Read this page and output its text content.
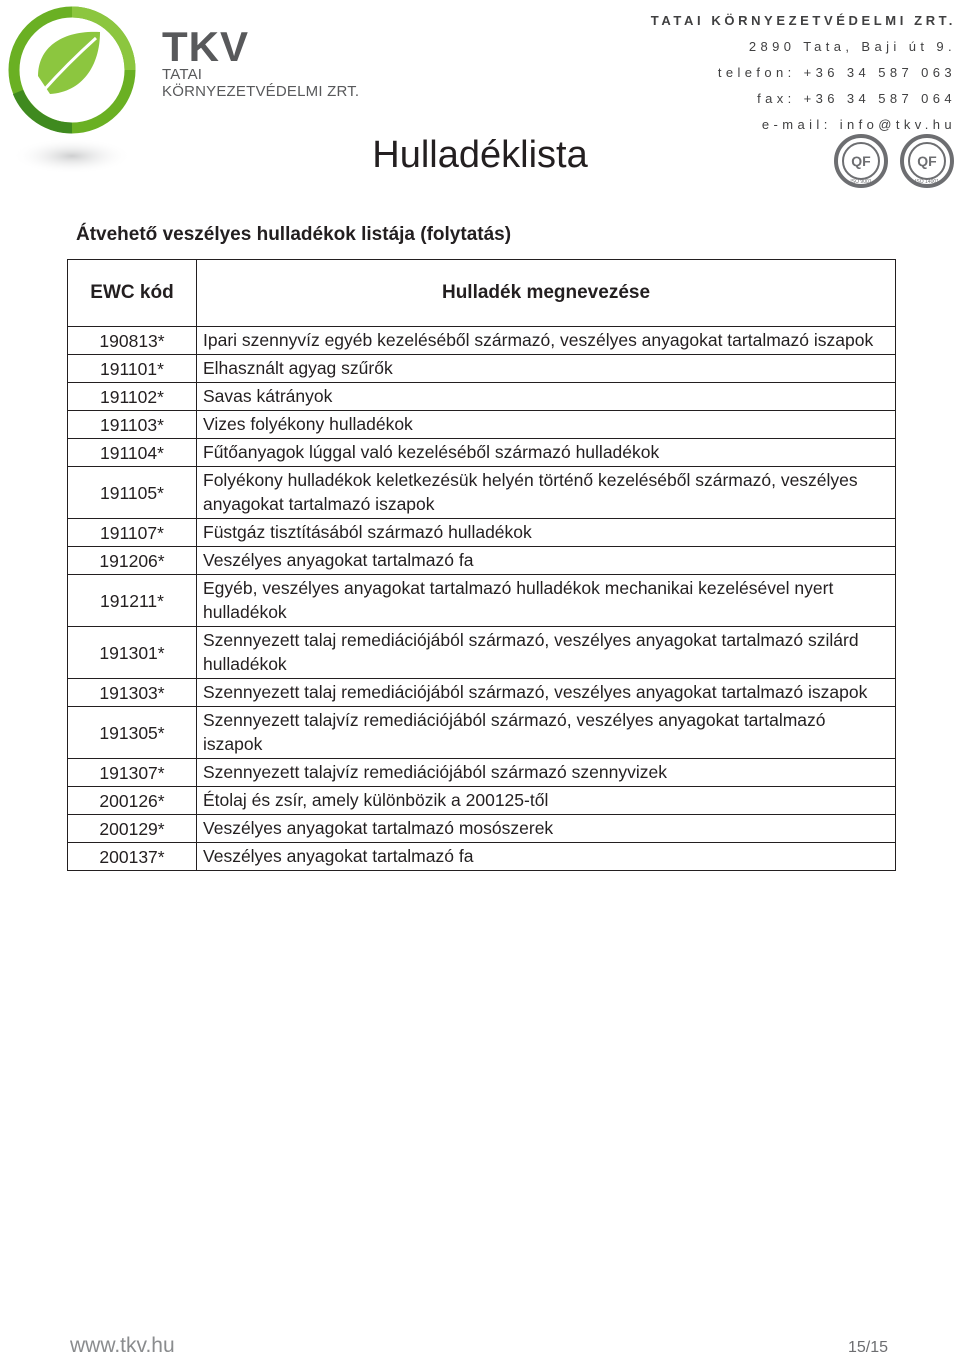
TKV
TATAI
KÖRNYEZETVÉDELMI ZRT.
TATAI KÖRNYEZETVÉDELMI ZRT.
2890 Tata, Baji út 9.
telefon: +36 34 587 063
fax: +36 34 587 064
e-mail: info@tkv.hu
QF
ISO 9001
QF
ISO 14001
Hulladéklista
Átvehető veszélyes hulladékok listája (folytatás)
EWC kód	Hulladék megnevezése
190813*	Ipari szennyvíz egyéb kezeléséből származó, veszélyes anyagokat tartalmazó iszapok
191101*	Elhasznált agyag szűrők
191102*	Savas kátrányok
191103*	Vizes folyékony hulladékok
191104*	Fűtőanyagok lúggal való kezeléséből származó hulladékok
191105*	Folyékony hulladékok keletkezésük helyén történő kezeléséből származó, veszélyes anyagokat tartalmazó iszapok
191107*	Füstgáz tisztításából származó hulladékok
191206*	Veszélyes anyagokat tartalmazó fa
191211*	Egyéb, veszélyes anyagokat tartalmazó hulladékok mechanikai kezelésével nyert hulladékok
191301*	Szennyezett talaj remediációjából származó, veszélyes anyagokat tartalmazó szilárd hulladékok
191303*	Szennyezett talaj remediációjából származó, veszélyes anyagokat tartalmazó iszapok
191305*	Szennyezett talajvíz remediációjából származó, veszélyes anyagokat tartalmazó iszapok
191307*	Szennyezett talajvíz remediációjából származó szennyvizek
200126*	Étolaj és zsír, amely különbözik a 200125-től
200129*	Veszélyes anyagokat tartalmazó mosószerek
200137*	Veszélyes anyagokat tartalmazó fa
www.tkv.hu	15/15
